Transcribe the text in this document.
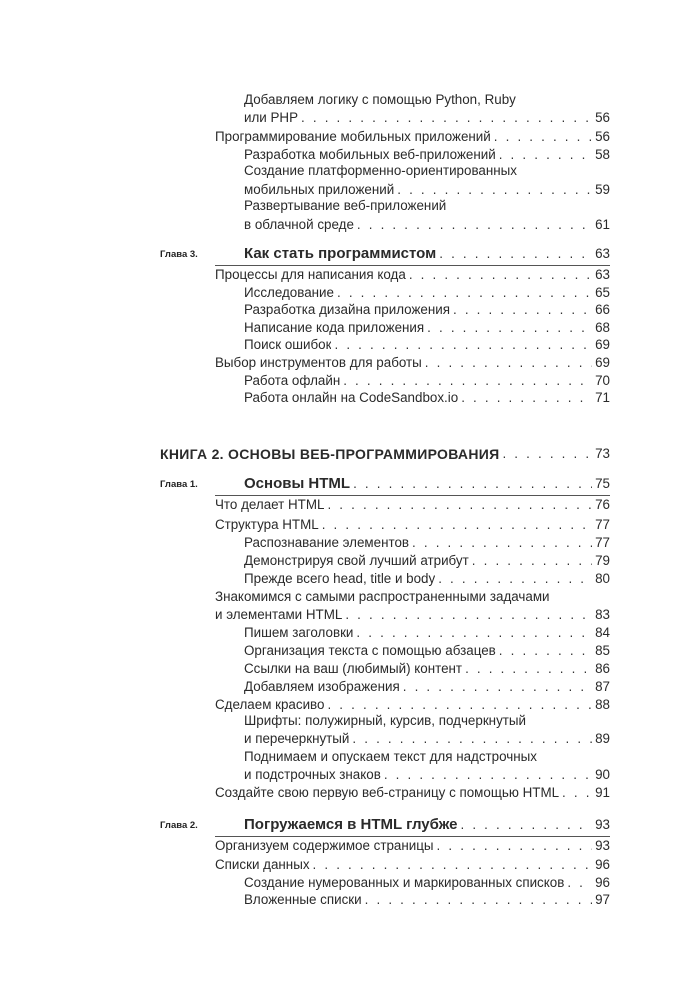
Добавляем логику с помощью Python, Ruby
или PHP . . .	56
Программирование мобильных приложений . . .	56
Разработка мобильных веб-приложений . . .	58
Создание платформенно-ориентированных
мобильных приложений . . .	59
Развертывание веб-приложений
в облачной среде . . .	61
Глава 3.	Как стать программистом . . .	63
Процессы для написания кода . . .	63
Исследование . . .	65
Разработка дизайна приложения . . .	66
Написание кода приложения . . .	68
Поиск ошибок . . .	69
Выбор инструментов для работы . . .	69
Работа офлайн . . .	70
Работа онлайн на CodeSandbox.io . . .	71
КНИГА 2. ОСНОВЫ ВЕБ-ПРОГРАММИРОВАНИЯ . . .	73
Глава 1.	Основы HTML . . .	75
Что делает HTML . . .	76
Структура HTML . . .	77
Распознавание элементов . . .	77
Демонстрируя свой лучший атрибут . . .	79
Прежде всего head, title и body . . .	80
Знакомимся с самыми распространенными задачами
и элементами HTML . . .	83
Пишем заголовки . . .	84
Организация текста с помощью абзацев . . .	85
Ссылки на ваш (любимый) контент . . .	86
Добавляем изображения . . .	87
Сделаем красиво . . .	88
Шрифты: полужирный, курсив, подчеркнутый
и перечеркнутый . . .	89
Поднимаем и опускаем текст для надстрочных
и подстрочных знаков . . .	90
Создайте свою первую веб-страницу с помощью HTML . . .	91
Глава 2.	Погружаемся в HTML глубже . . .	93
Организуем содержимое страницы . . .	93
Списки данных . . .	96
Создание нумерованных и маркированных списков . . . 96
Вложенные списки . . .	97
